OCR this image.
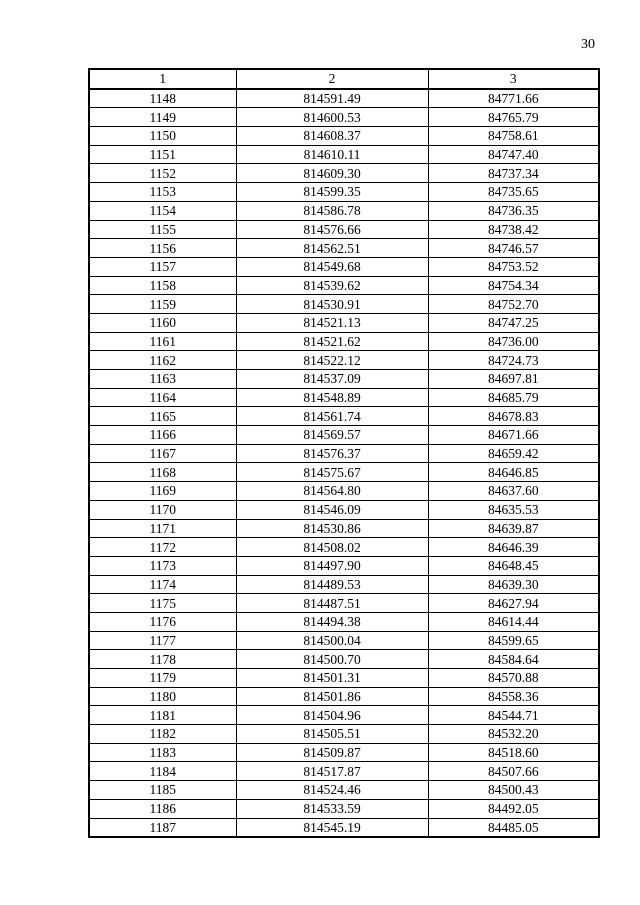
30
1	2	3
1148	814591.49	84771.66
1149	814600.53	84765.79
1150	814608.37	84758.61
1151	814610.11	84747.40
1152	814609.30	84737.34
1153	814599.35	84735.65
1154	814586.78	84736.35
1155	814576.66	84738.42
1156	814562.51	84746.57
1157	814549.68	84753.52
1158	814539.62	84754.34
1159	814530.91	84752.70
1160	814521.13	84747.25
1161	814521.62	84736.00
1162	814522.12	84724.73
1163	814537.09	84697.81
1164	814548.89	84685.79
1165	814561.74	84678.83
1166	814569.57	84671.66
1167	814576.37	84659.42
1168	814575.67	84646.85
1169	814564.80	84637.60
1170	814546.09	84635.53
1171	814530.86	84639.87
1172	814508.02	84646.39
1173	814497.90	84648.45
1174	814489.53	84639.30
1175	814487.51	84627.94
1176	814494.38	84614.44
1177	814500.04	84599.65
1178	814500.70	84584.64
1179	814501.31	84570.88
1180	814501.86	84558.36
1181	814504.96	84544.71
1182	814505.51	84532.20
1183	814509.87	84518.60
1184	814517.87	84507.66
1185	814524.46	84500.43
1186	814533.59	84492.05
1187	814545.19	84485.05
